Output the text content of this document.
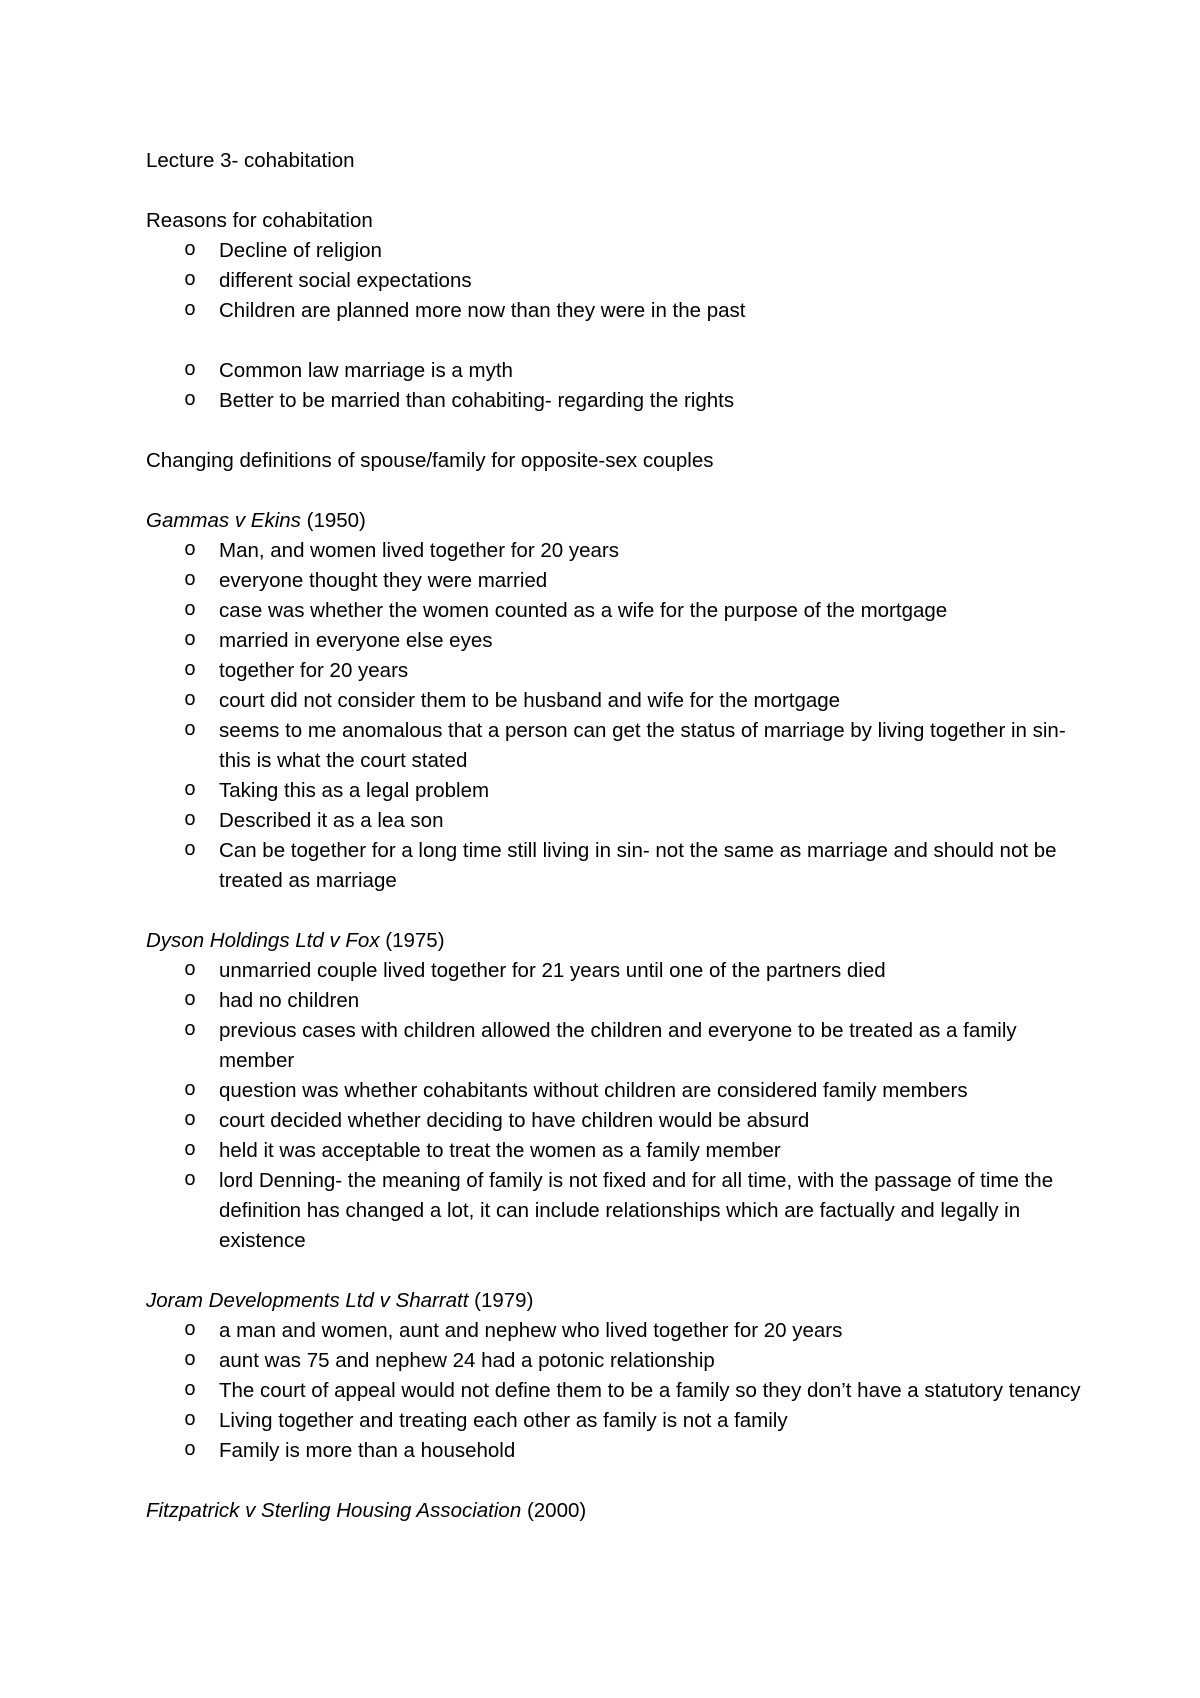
Lecture 3- cohabitation

Reasons for cohabitation

o Decline of religion
o different social expectations
o Children are planned more now than they were in the past
o Common law marriage is a myth
o Better to be married than cohabiting- regarding the rights

Changing definitions of spouse/family for opposite-sex couples

Gammas v Ekins (1950)

o Man, and women lived together for 20 years
o everyone thought they were married
o case was whether the women counted as a wife for the purpose of the mortgage
o married in everyone else eyes
o together for 20 years
o court did not consider them to be husband and wife for the mortgage
o seems to me anomalous that a person can get the status of marriage by living together in sin- this is what the court stated
o Taking this as a legal problem
o Described it as a lea son
o Can be together for a long time still living in sin- not the same as marriage and should not be treated as marriage

Dyson Holdings Ltd v Fox (1975)

o unmarried couple lived together for 21 years until one of the partners died
o had no children
o previous cases with children allowed the children and everyone to be treated as a family member
o question was whether cohabitants without children are considered family members
o court decided whether deciding to have children would be absurd
o held it was acceptable to treat the women as a family member
o lord Denning- the meaning of family is not fixed and for all time, with the passage of time the definition has changed a lot, it can include relationships which are factually and legally in existence

Joram Developments Ltd v Sharratt (1979)

o a man and women, aunt and nephew who lived together for 20 years
o aunt was 75 and nephew 24 had a potonic relationship
o The court of appeal would not define them to be a family so they don’t have a statutory tenancy
o Living together and treating each other as family is not a family
o Family is more than a household

Fitzpatrick v Sterling Housing Association (2000)
